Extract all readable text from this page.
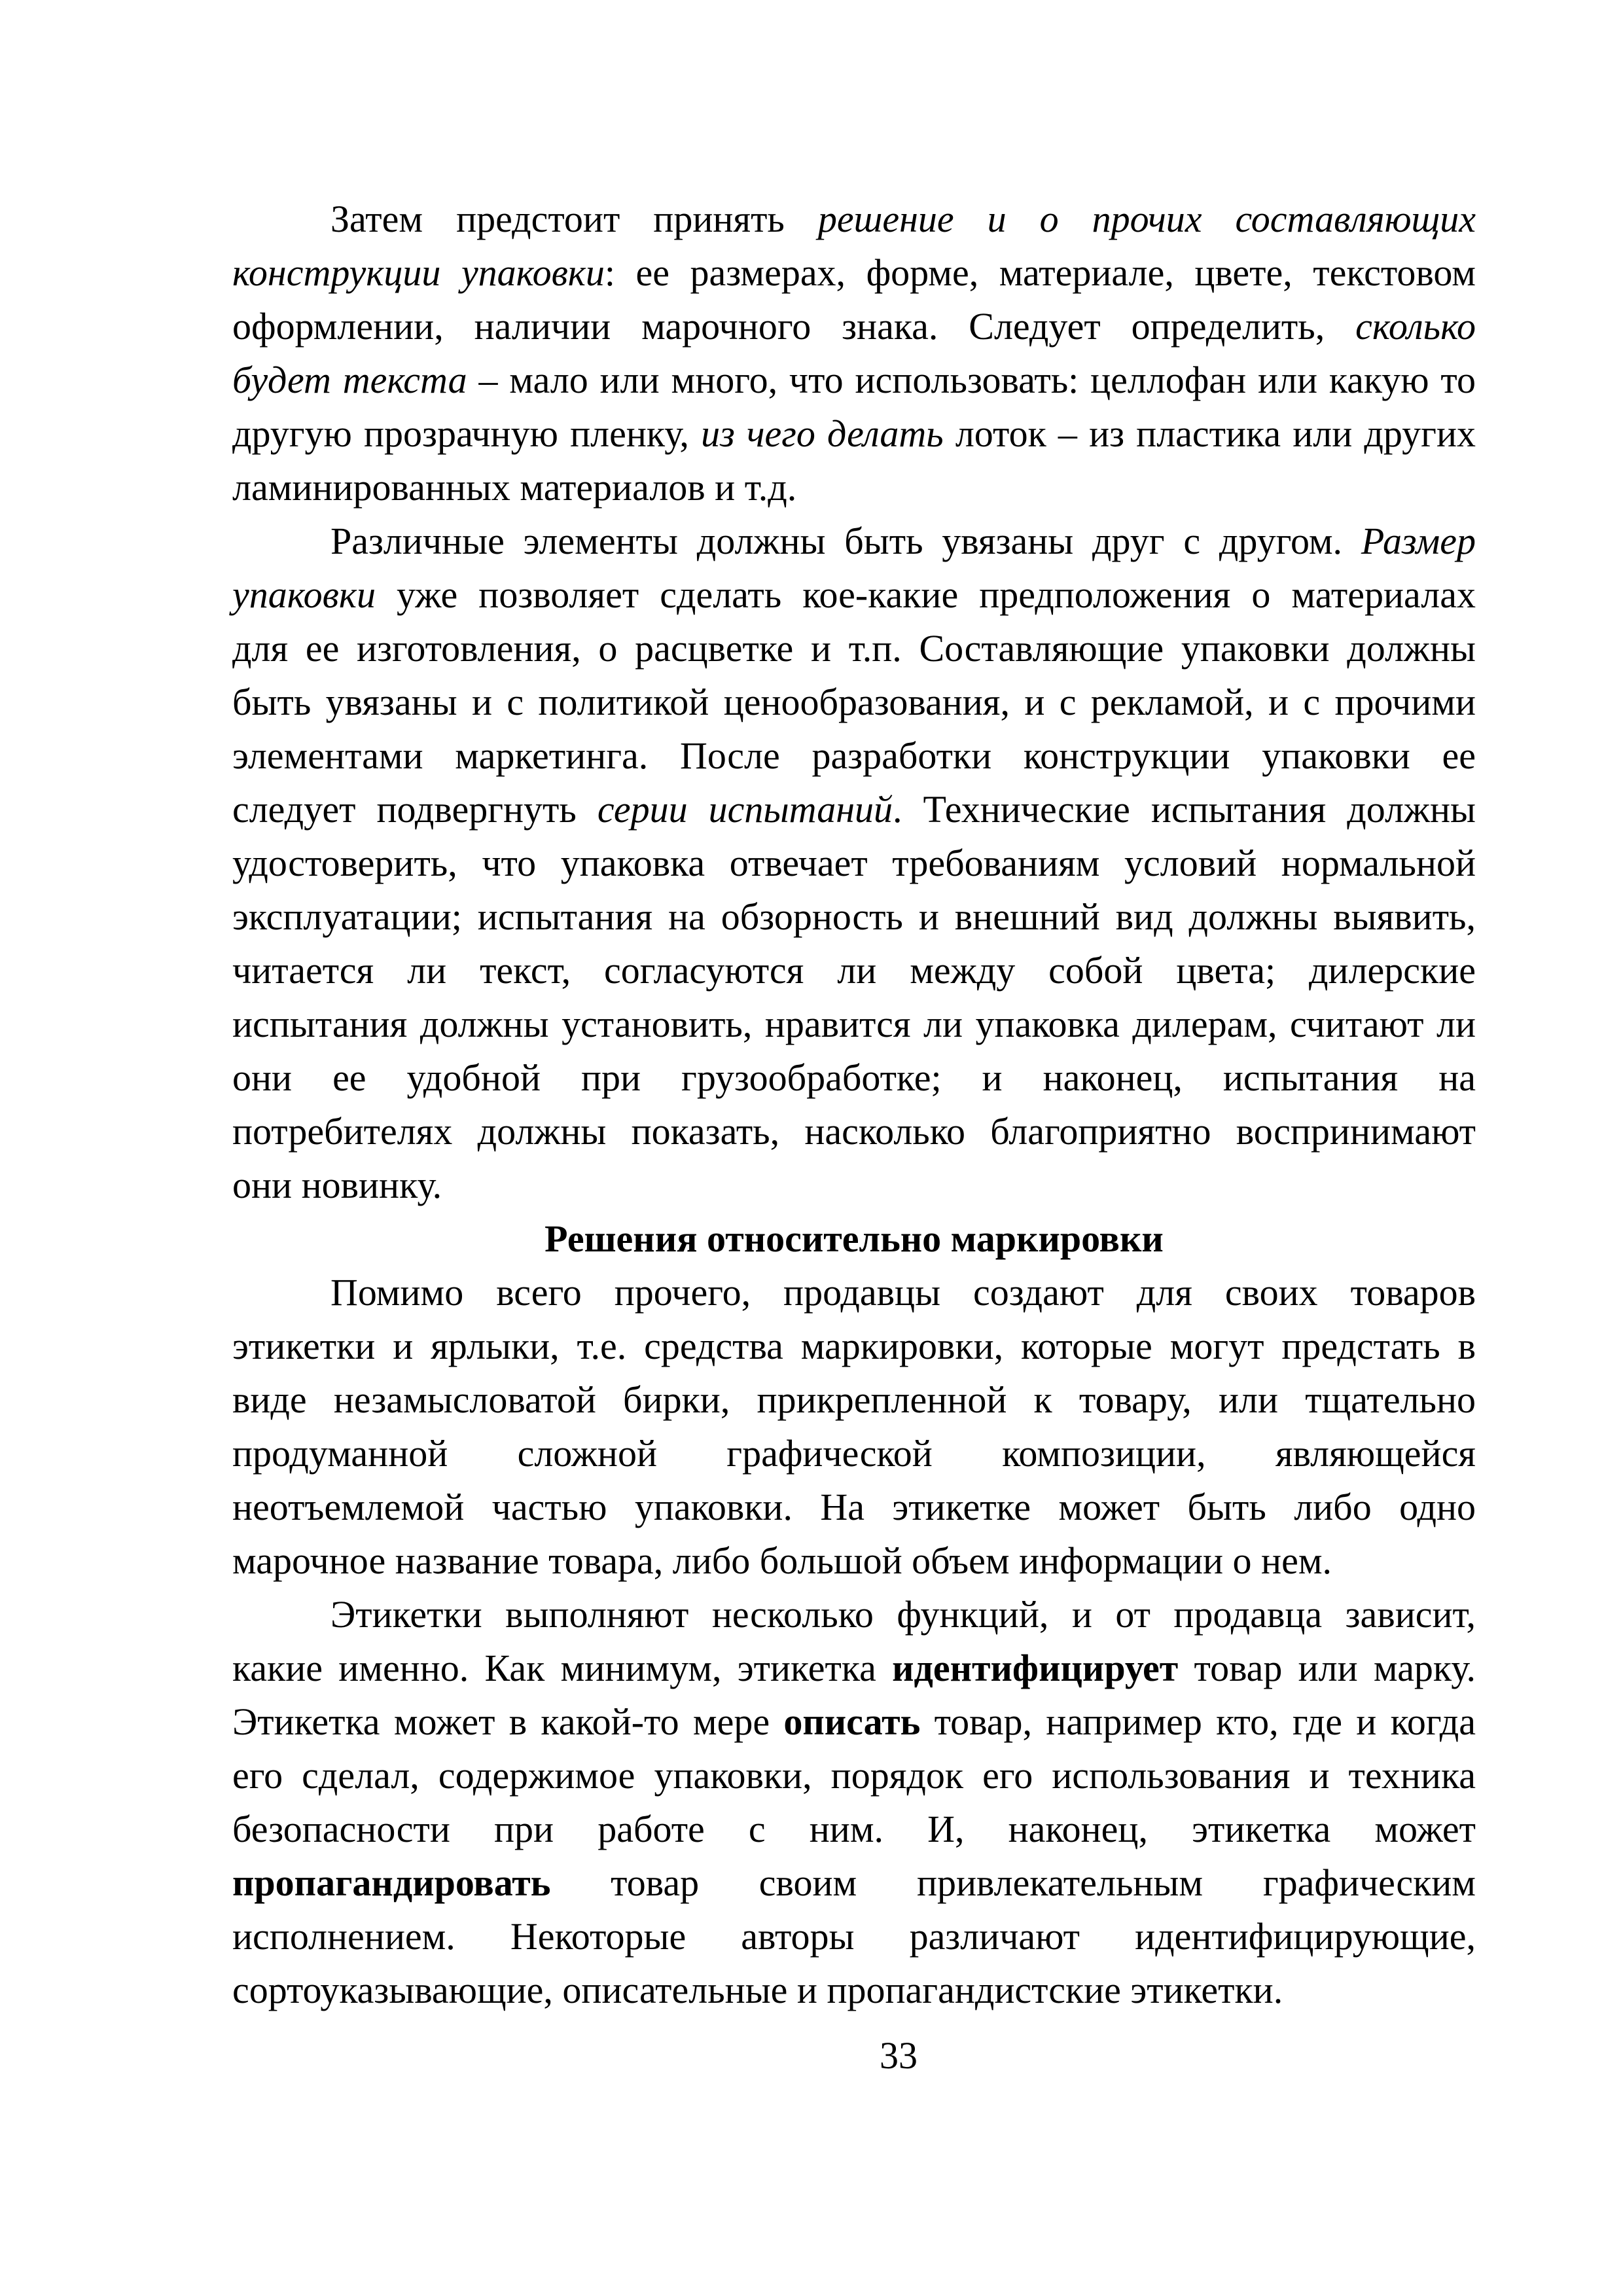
Затем предстоит принять решение и о прочих составляющих
конструкции упаковки: ее размерах, форме, материале, цвете, текстовом
оформлении, наличии марочного знака. Следует определить, сколько
будет текста – мало или много, что использовать: целлофан или какую то
другую прозрачную пленку, из чего делать лоток – из пластика или других
ламинированных материалов и т.д.
Различные элементы должны быть увязаны друг с другом. Размер
упаковки уже позволяет сделать кое-какие предположения о материалах
для ее изготовления, о расцветке и т.п. Составляющие упаковки должны
быть увязаны и с политикой ценообразования, и с рекламой, и с прочими
элементами маркетинга. После разработки конструкции упаковки ее
следует подвергнуть серии испытаний. Технические испытания должны
удостоверить, что упаковка отвечает требованиям условий нормальной
эксплуатации; испытания на обзорность и внешний вид должны выявить,
читается ли текст, согласуются ли между собой цвета; дилерские
испытания должны установить, нравится ли упаковка дилерам, считают ли
они ее удобной при грузообработке; и наконец, испытания на
потребителях должны показать, насколько благоприятно воспринимают
они новинку.
Решения относительно маркировки
Помимо всего прочего, продавцы создают для своих товаров
этикетки и ярлыки, т.е. средства маркировки, которые могут предстать в
виде незамысловатой бирки, прикрепленной к товару, или тщательно
продуманной сложной графической композиции, являющейся
неотъемлемой частью упаковки. На этикетке может быть либо одно
марочное название товара, либо большой объем информации о нем.
Этикетки выполняют несколько функций, и от продавца зависит,
какие именно. Как минимум, этикетка идентифицирует товар или марку.
Этикетка может в какой-то мере описать товар, например кто, где и когда
его сделал, содержимое упаковки, порядок его использования и техника
безопасности при работе с ним. И, наконец, этикетка может
пропагандировать товар своим привлекательным графическим
исполнением. Некоторые авторы различают идентифицирующие,
сортоуказывающие, описательные и пропагандистские этикетки.
33
